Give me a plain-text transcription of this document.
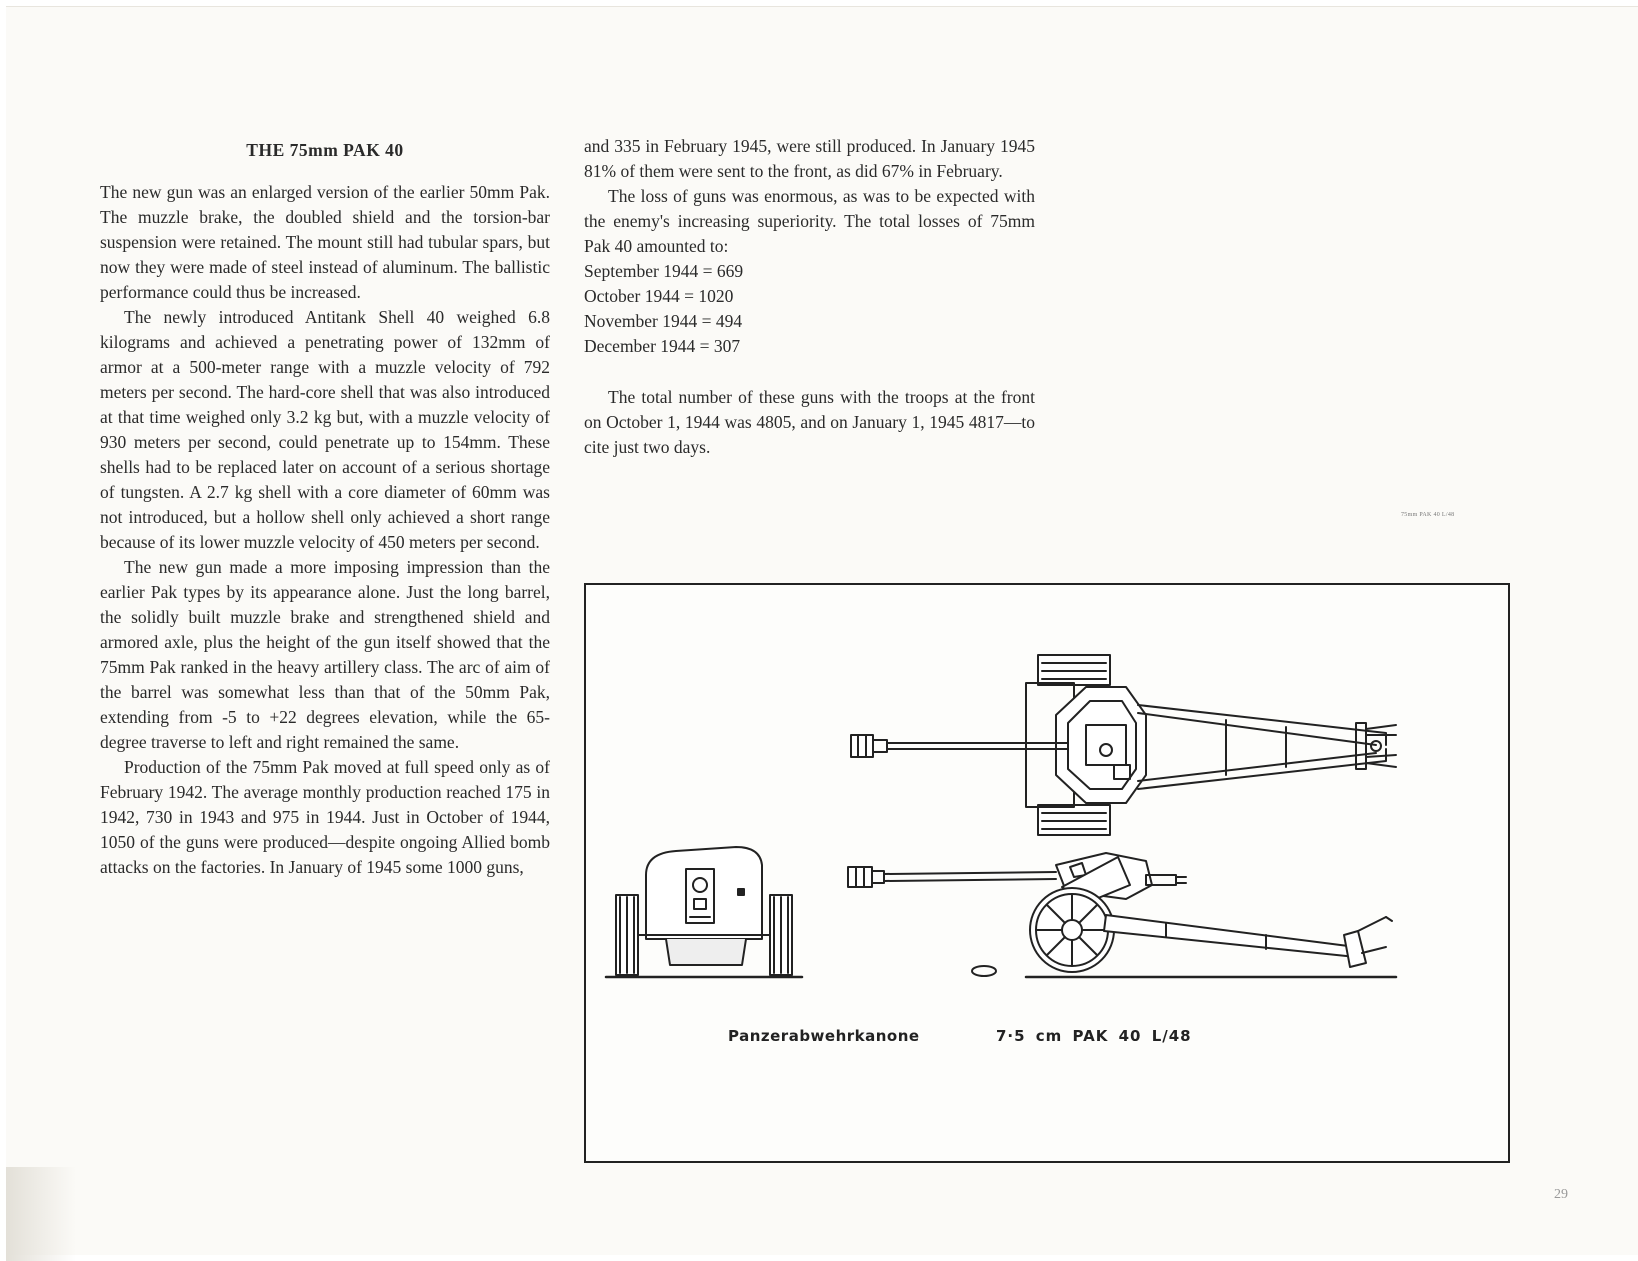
THE 75mm PAK 40

The new gun was an enlarged version of the earlier 50mm Pak. The muzzle brake, the doubled shield and the torsion-bar suspension were retained. The mount still had tubular spars, but now they were made of steel instead of aluminum. The ballistic performance could thus be increased.

The newly introduced Antitank Shell 40 weighed 6.8 kilograms and achieved a penetrating power of 132mm of armor at a 500-meter range with a muzzle velocity of 792 meters per second. The hard-core shell that was also introduced at that time weighed only 3.2 kg but, with a muzzle velocity of 930 meters per second, could penetrate up to 154mm. These shells had to be replaced later on account of a serious shortage of tungsten. A 2.7 kg shell with a core diameter of 60mm was not introduced, but a hollow shell only achieved a short range because of its lower muzzle velocity of 450 meters per second.

The new gun made a more imposing impression than the earlier Pak types by its appearance alone. Just the long barrel, the solidly built muzzle brake and strengthened shield and armored axle, plus the height of the gun itself showed that the 75mm Pak ranked in the heavy artillery class. The arc of aim of the barrel was somewhat less than that of the 50mm Pak, extending from -5 to +22 degrees elevation, while the 65-degree traverse to left and right remained the same.

Production of the 75mm Pak moved at full speed only as of February 1942. The average monthly production reached 175 in 1942, 730 in 1943 and 975 in 1944. Just in October of 1944, 1050 of the guns were produced—despite ongoing Allied bomb attacks on the factories. In January of 1945 some 1000 guns,

and 335 in February 1945, were still produced. In January 1945 81% of them were sent to the front, as did 67% in February.

The loss of guns was enormous, as was to be expected with the enemy's increasing superiority. The total losses of 75mm Pak 40 amounted to:

September 1944 = 669
October 1944 = 1020
November 1944 = 494
December 1944 = 307

The total number of these guns with the troops at the front on October 1, 1944 was 4805, and on January 1, 1945 4817—to cite just two days.

75mm PAK 40 L/48
Panzerabwehrkanone	7·5 cm PAK 40 L/48
29
